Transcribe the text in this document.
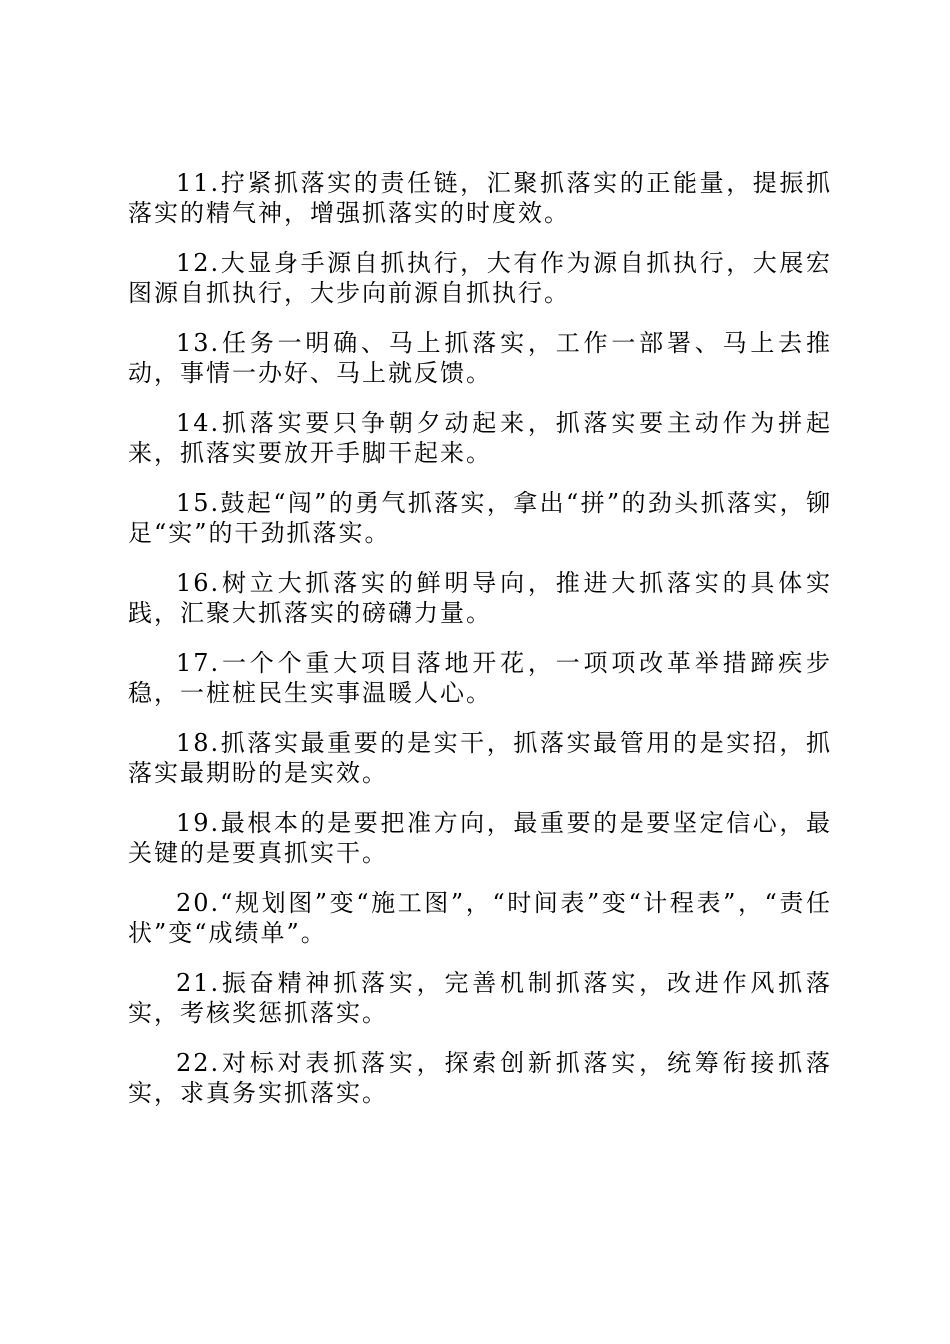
11.拧紧抓落实的责任链，汇聚抓落实的正能量，提振抓落实的精气神，增强抓落实的时度效。

12.大显身手源自抓执行，大有作为源自抓执行，大展宏图源自抓执行，大步向前源自抓执行。

13.任务一明确、马上抓落实，工作一部署、马上去推动，事情一办好、马上就反馈。

14.抓落实要只争朝夕动起来，抓落实要主动作为拼起来，抓落实要放开手脚干起来。

15.鼓起“闯”的勇气抓落实，拿出“拼”的劲头抓落实，铆足“实”的干劲抓落实。

16.树立大抓落实的鲜明导向，推进大抓落实的具体实践，汇聚大抓落实的磅礴力量。

17.一个个重大项目落地开花，一项项改革举措蹄疾步稳，一桩桩民生实事温暖人心。

18.抓落实最重要的是实干，抓落实最管用的是实招，抓落实最期盼的是实效。

19.最根本的是要把准方向，最重要的是要坚定信心，最关键的是要真抓实干。

20.“规划图”变“施工图”，“时间表”变“计程表”，“责任状”变“成绩单”。

21.振奋精神抓落实，完善机制抓落实，改进作风抓落实，考核奖惩抓落实。

22.对标对表抓落实，探索创新抓落实，统筹衔接抓落实，求真务实抓落实。
